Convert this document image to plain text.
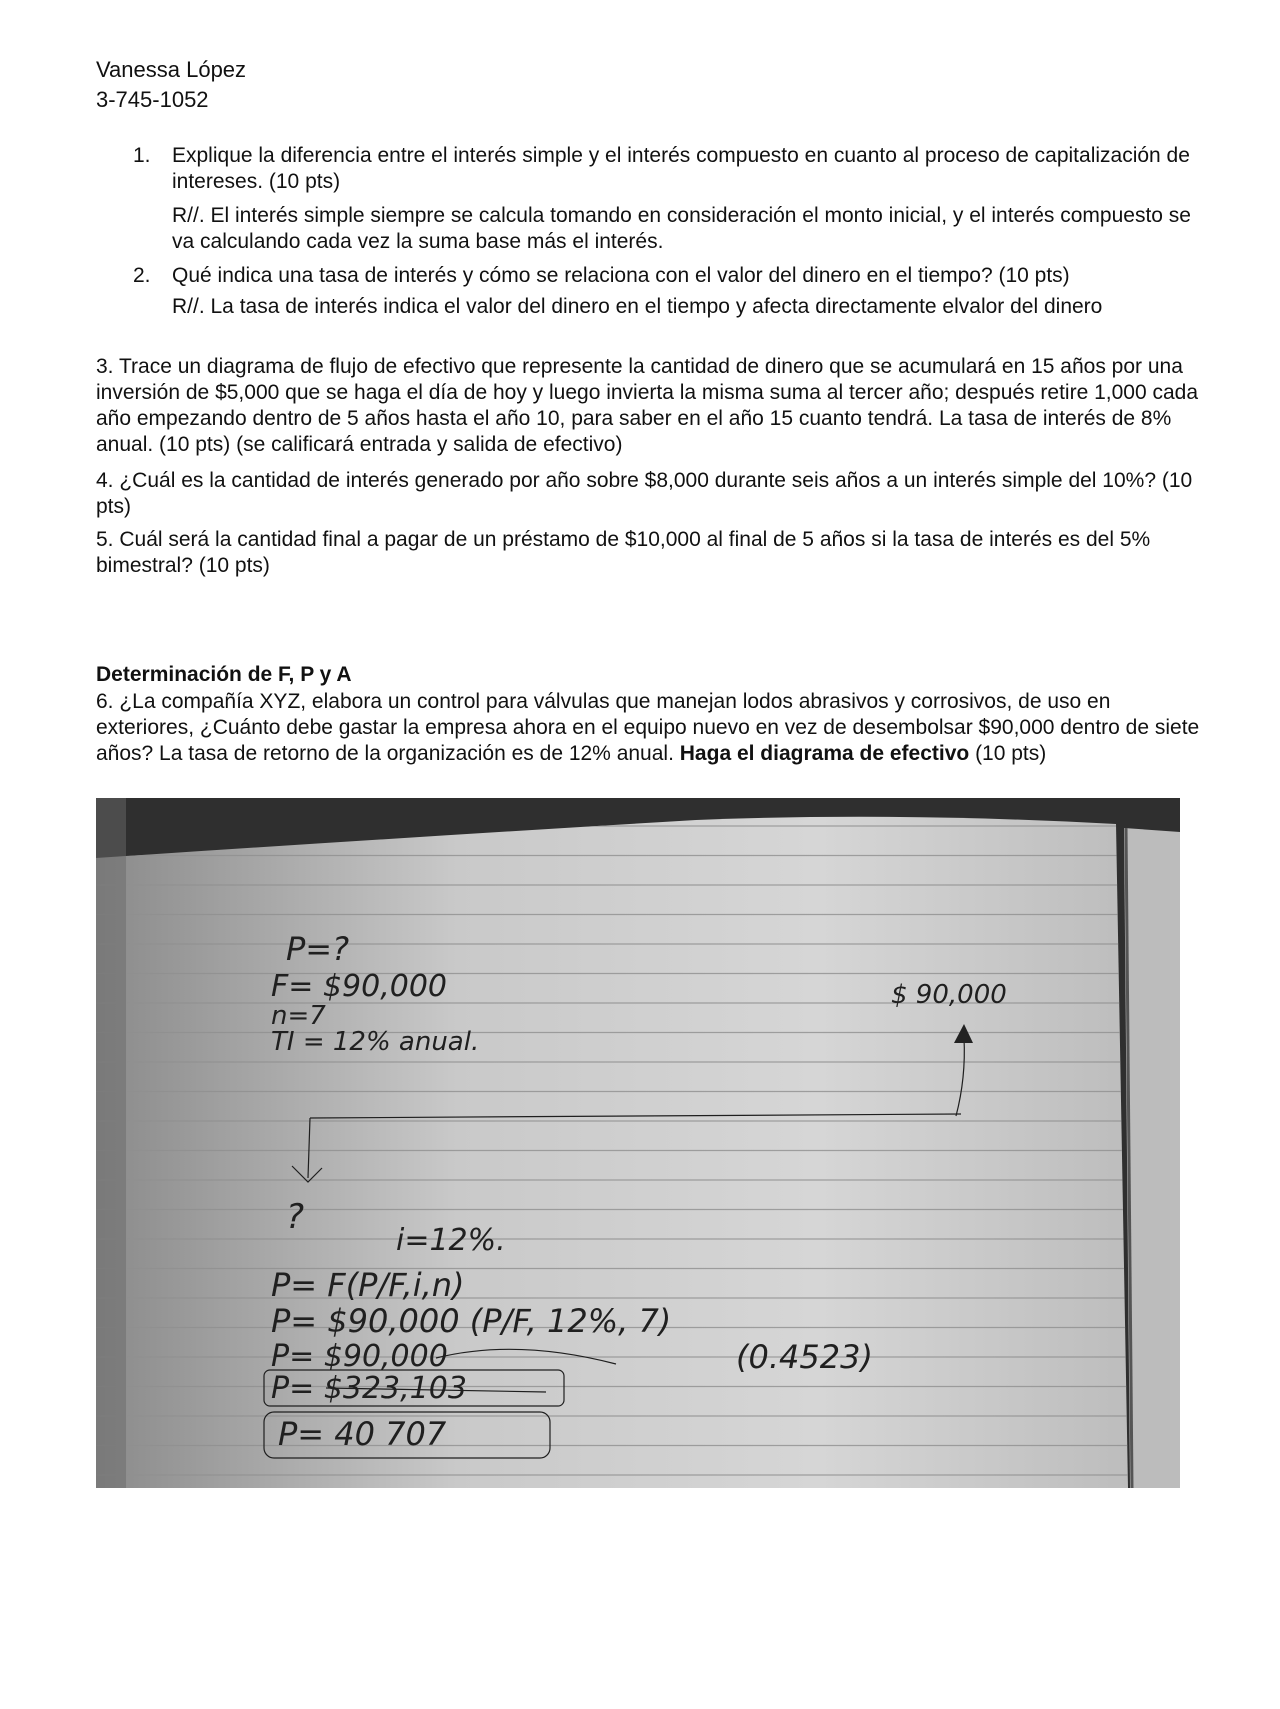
Vanessa López
3-745-1052
1.	Explique la diferencia entre el interés simple y el interés compuesto en cuanto al proceso de capitalización de intereses. (10 pts)
R//. El interés simple siempre se calcula tomando en consideración el monto inicial, y el interés compuesto se va calculando cada vez la suma base más el interés.
2.	Qué indica una tasa de interés y cómo se relaciona con el valor del dinero en el tiempo? (10 pts)
R//. La tasa de interés indica el valor del dinero en el tiempo y afecta directamente elvalor del dinero
3. Trace un diagrama de flujo de efectivo que represente la cantidad de dinero que se acumulará en 15 años por una inversión de $5,000 que se haga el día de hoy y luego invierta la misma suma al tercer año; después retire 1,000 cada año empezando dentro de 5 años hasta el año 10, para saber en el año 15 cuanto tendrá. La tasa de interés de 8% anual. (10 pts) (se calificará entrada y salida de efectivo)
4. ¿Cuál es la cantidad de interés generado por año sobre $8,000 durante seis años a un interés simple del 10%? (10 pts)
5. Cuál será la cantidad final a pagar de un préstamo de $10,000 al final de 5 años si la tasa de interés es del 5% bimestral? (10 pts)
Determinación de F, P y A
6. ¿La compañía XYZ, elabora un control para válvulas que manejan lodos abrasivos y corrosivos, de uso en exteriores, ¿Cuánto debe gastar la empresa ahora en el equipo nuevo en vez de desembolsar $90,000 dentro de siete años? La tasa de retorno de la organización es de 12% anual. Haga el diagrama de efectivo (10 pts)
P=?
F= $90,000
n=7
TI = 12% anual.
$ 90,000
?
i=12%.
P= F(P/F,i,n)
P= $90,000 (P/F, 12%, 7)
P= $90,000	(0.4523)
P= $323,103
P= 40 707
